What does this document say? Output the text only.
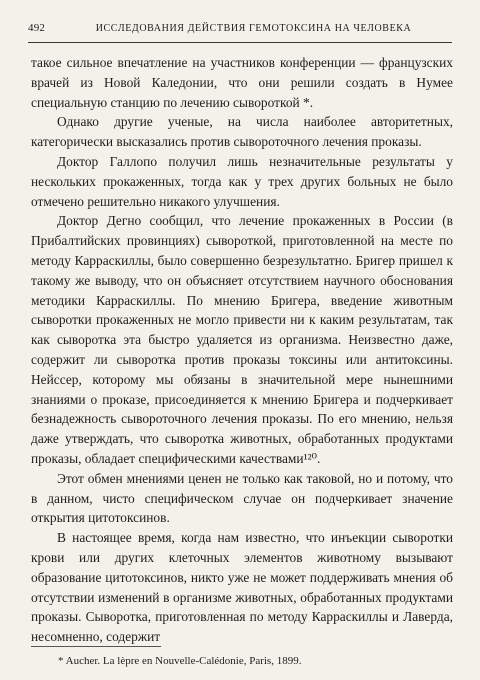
492	ИССЛЕДОВАНИЯ ДЕЙСТВИЯ ГЕМОТОКСИНА НА ЧЕЛОВЕКА

такое сильное впечатление на участников конференции — французских врачей из Новой Каледонии, что они решили создать в Нумее специальную станцию по лечению сывороткой *.

Однако другие ученые, на числа наиболее авторитетных, категорически высказались против сывороточного лечения проказы.

Доктор Галлопо получил лишь незначительные результаты у нескольких прокаженных, тогда как у трех других больных не было отмечено решительно никакого улучшения.

Доктор Дегно сообщил, что лечение прокаженных в России (в Прибалтийских провинциях) сывороткой, приготовленной на месте по методу Карраскиллы, было совершенно безрезультатно. Бригер пришел к такому же выводу, что он объясняет отсутствием научного обоснования методики Карраскиллы. По мнению Бригера, введение животным сыворотки прокаженных не могло привести ни к каким результатам, так как сыворотка эта быстро удаляется из организма. Неизвестно даже, содержит ли сыворотка против проказы токсины или антитоксины. Нейссер, которому мы обязаны в значительной мере нынешними знаниями о проказе, присоединяется к мнению Бригера и подчеркивает безнадежность сывороточного лечения проказы. По его мнению, нельзя даже утверждать, что сыворотка животных, обработанных продуктами проказы, обладает специфическими качествами¹²⁰.

Этот обмен мнениями ценен не только как таковой, но и потому, что в данном, чисто специфическом случае он подчеркивает значение открытия цитотоксинов.

В настоящее время, когда нам известно, что инъекции сыворотки крови или других клеточных элементов животному вызывают образование цитотоксинов, никто уже не может поддерживать мнения об отсутствии изменений в организме животных, обработанных продуктами проказы. Сыворотка, приготовленная по методу Карраскиллы и Лаверда, несомненно, содержит

* Aucher. La lèpre en Nouvelle-Calédonie, Paris, 1899.
